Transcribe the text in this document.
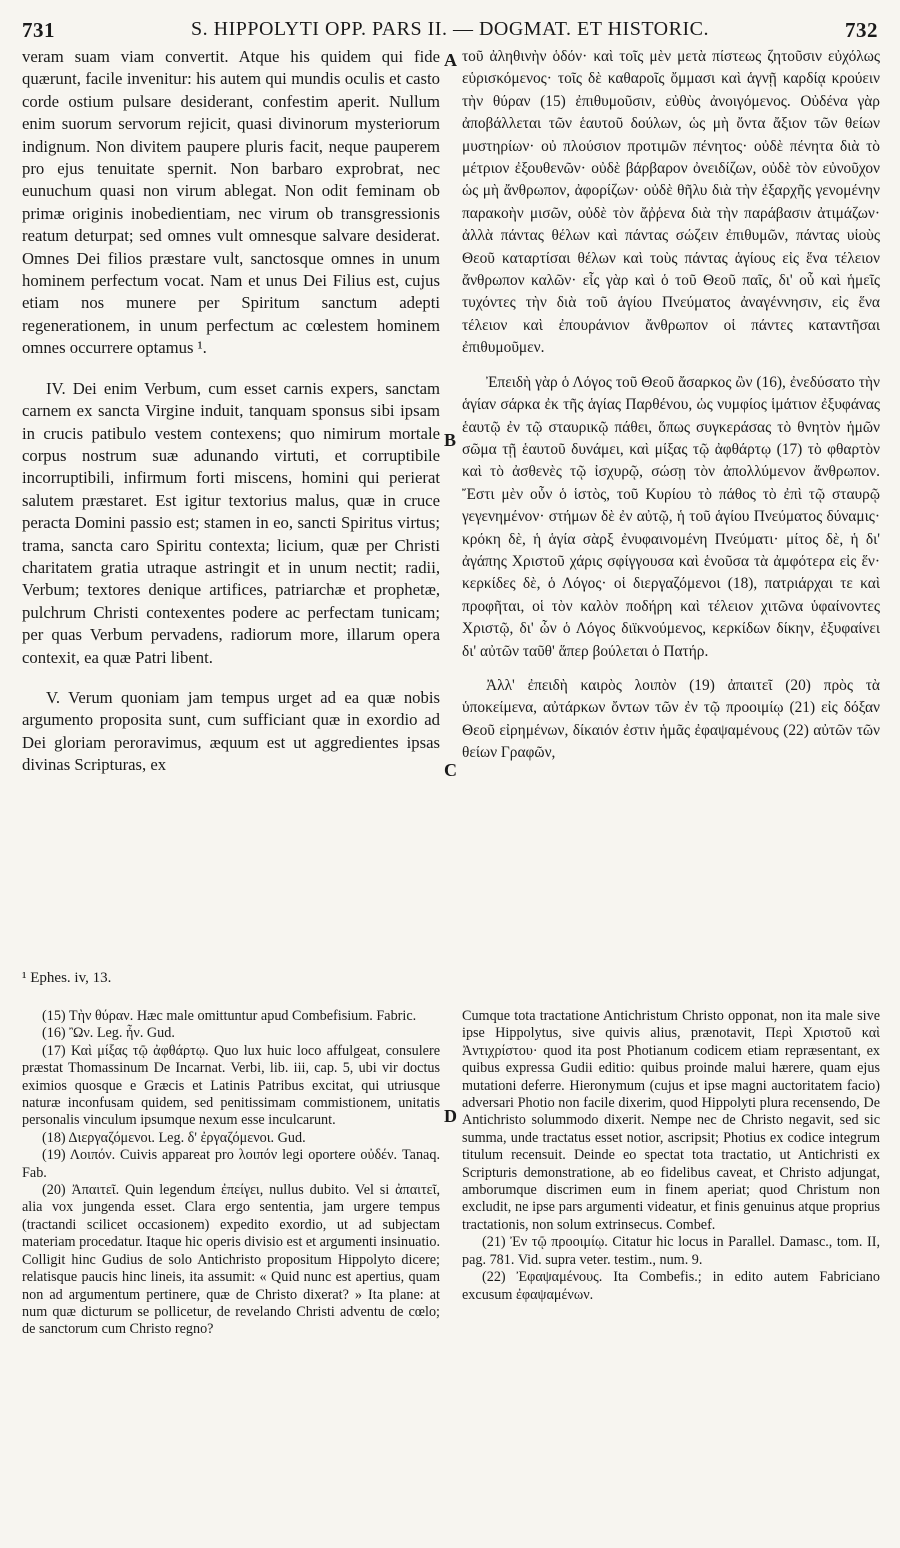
731	S. HIPPOLYTI OPP. PARS II. — DOGMAT. ET HISTORIC.	732

veram suam viam convertit. Atque his quidem qui fide quærunt, facile invenitur: his autem qui mundis oculis et casto corde ostium pulsare desiderant, confestim aperit. Nullum enim suorum servorum rejicit, quasi divinorum mysteriorum indignum. Non divitem paupere pluris facit, neque pauperem pro ejus tenuitate spernit. Non barbaro exprobrat, nec eunuchum quasi non virum ablegat. Non odit feminam ob primæ originis inobedientiam, nec virum ob transgressionis reatum deturpat; sed omnes vult omnesque salvare desiderat. Omnes Dei filios præstare vult, sanctosque omnes in unum hominem perfectum vocat. Nam et unus Dei Filius est, cujus etiam nos munere per Spiritum sanctum adepti regenerationem, in unum perfectum ac cœlestem hominem omnes occurrere optamus ¹.

IV. Dei enim Verbum, cum esset carnis expers, sanctam carnem ex sancta Virgine induit, tanquam sponsus sibi ipsam in crucis patibulo vestem contexens; quo nimirum mortale corpus nostrum suæ adunando virtuti, et corruptibile incorruptibili, infirmum forti miscens, homini qui perierat salutem præstaret. Est igitur textorius malus, quæ in cruce peracta Domini passio est; stamen in eo, sancti Spiritus virtus; trama, sancta caro Spiritu contexta; licium, quæ per Christi charitatem gratia utraque astringit et in unum nectit; radii, Verbum; textores denique artifices, patriarchæ et prophetæ, pulchrum Christi contexentes podere ac perfectam tunicam; per quas Verbum pervadens, radiorum more, illarum opera contexit, ea quæ Patri libent.

V. Verum quoniam jam tempus urget ad ea quæ nobis argumento proposita sunt, cum sufficiant quæ in exordio ad Dei gloriam peroravimus, æquum est ut aggredientes ipsas divinas Scripturas, ex

A
B
C
D

τοῦ ἀληθινὴν ὁδόν· καὶ τοῖς μὲν μετὰ πίστεως ζητοῦσιν εὐχόλως εὑρισκόμενος· τοῖς δὲ καθαροῖς ὄμμασι καὶ ἁγνῇ καρδίᾳ κρούειν τὴν θύραν (15) ἐπιθυμοῦσιν, εὐθὺς ἀνοιγόμενος. Οὐδένα γὰρ ἀποβάλλεται τῶν ἑαυτοῦ δούλων, ὡς μὴ ὄντα ἄξιον τῶν θείων μυστηρίων· οὐ πλούσιον προτιμῶν πένητος· οὐδὲ πένητα διὰ τὸ μέτριον ἐξουθενῶν· οὐδὲ βάρβαρον ὀνειδίζων, οὐδὲ τὸν εὐνοῦχον ὡς μὴ ἄνθρωπον, ἀφορίζων· οὐδὲ θῆλυ διὰ τὴν ἐξαρχῆς γενομένην παρακοὴν μισῶν, οὐδὲ τὸν ἄῤῥενα διὰ τὴν παράβασιν ἀτιμάζων· ἀλλὰ πάντας θέλων καὶ πάντας σώζειν ἐπιθυμῶν, πάντας υἱοὺς Θεοῦ καταρτίσαι θέλων καὶ τοὺς πάντας ἁγίους εἰς ἕνα τέλειον ἄνθρωπον καλῶν· εἷς γὰρ καὶ ὁ τοῦ Θεοῦ παῖς, δι' οὗ καὶ ἡμεῖς τυχόντες τὴν διὰ τοῦ ἁγίου Πνεύματος ἀναγέννησιν, εἰς ἕνα τέλειον καὶ ἐπουράνιον ἄνθρωπον οἱ πάντες καταντῆσαι ἐπιθυμοῦμεν.

Ἐπειδὴ γὰρ ὁ Λόγος τοῦ Θεοῦ ἄσαρκος ὢν (16), ἐνεδύσατο τὴν ἁγίαν σάρκα ἐκ τῆς ἁγίας Παρθένου, ὡς νυμφίος ἱμάτιον ἐξυφάνας ἑαυτῷ ἐν τῷ σταυρικῷ πάθει, ὅπως συγκεράσας τὸ θνητὸν ἡμῶν σῶμα τῇ ἑαυτοῦ δυνάμει, καὶ μίξας τῷ ἀφθάρτῳ (17) τὸ φθαρτὸν καὶ τὸ ἀσθενὲς τῷ ἰσχυρῷ, σώσῃ τὸν ἀπολλύμενον ἄνθρωπον. Ἔστι μὲν οὖν ὁ ἱστὸς, τοῦ Κυρίου τὸ πάθος τὸ ἐπὶ τῷ σταυρῷ γεγενημένον· στήμων δὲ ἐν αὐτῷ, ἡ τοῦ ἁγίου Πνεύματος δύναμις· κρόκη δὲ, ἡ ἁγία σὰρξ ἐνυφαινομένη Πνεύματι· μίτος δὲ, ἡ δι' ἀγάπης Χριστοῦ χάρις σφίγγουσα καὶ ἑνοῦσα τὰ ἀμφότερα εἰς ἕν· κερκίδες δὲ, ὁ Λόγος· οἱ διεργαζόμενοι (18), πατριάρχαι τε καὶ προφῆται, οἱ τὸν καλὸν ποδήρη καὶ τέλειον χιτῶνα ὑφαίνοντες Χριστῷ, δι' ὧν ὁ Λόγος διϊκνούμενος, κερκίδων δίκην, ἐξυφαίνει δι' αὐτῶν ταῦθ' ἅπερ βούλεται ὁ Πατήρ.

Ἀλλ' ἐπειδὴ καιρὸς λοιπὸν (19) ἀπαιτεῖ (20) πρὸς τὰ ὑποκείμενα, αὐτάρκων ὄντων τῶν ἐν τῷ προοιμίῳ (21) εἰς δόξαν Θεοῦ εἰρημένων, δίκαιόν ἐστιν ἡμᾶς ἐφαψαμένους (22) αὐτῶν τῶν θείων Γραφῶν,

¹ Ephes. iv, 13.

(15) Τὴν θύραν. Hæc male omittuntur apud Combefisium. Fabric.

(16) Ὢν. Leg. ἦν. Gud.

(17) Καὶ μίξας τῷ ἀφθάρτῳ. Quo lux huic loco affulgeat, consulere præstat Thomassinum De Incarnat. Verbi, lib. iii, cap. 5, ubi vir doctus eximios quosque e Græcis et Latinis Patribus excitat, qui utriusque naturæ inconfusam quidem, sed penitissimam commistionem, unitatis personalis vinculum ipsumque nexum esse inculcarunt.

(18) Διεργαζόμενοι. Leg. δ' ἐργαζόμενοι. Gud.

(19) Λοιπόν. Cuivis appareat pro λοιπόν legi oportere οὐδέν. Tanaq. Fab.

(20) Ἀπαιτεῖ. Quin legendum ἐπείγει, nullus dubito. Vel si ἀπαιτεῖ, alia vox jungenda esset. Clara ergo sententia, jam urgere tempus (tractandi scilicet occasionem) expedito exordio, ut ad subjectam materiam procedatur. Itaque hic operis divisio est et argumenti insinuatio. Colligit hinc Gudius de solo Antichristo propositum Hippolyto dicere; relatisque paucis hinc lineis, ita assumit: « Quid nunc est apertius, quam non ad argumentum pertinere, quæ de Christo dixerat? » Ita plane: at num quæ dicturum se pollicetur, de revelando Christi adventu de cœlo; de sanctorum cum Christo regno?

Cumque tota tractatione Antichristum Christo opponat, non ita male sive ipse Hippolytus, sive quivis alius, prænotavit, Περὶ Χριστοῦ καὶ Ἀντιχρίστου· quod ita post Photianum codicem etiam repræsentant, ex quibus expressa Gudii editio: quibus proinde malui hærere, quam ejus mutationi deferre. Hieronymum (cujus et ipse magni auctoritatem facio) adversari Photio non facile dixerim, quod Hippolyti plura recensendo, De Antichristo solummodo dixerit. Nempe nec de Christo negavit, sed sic summa, unde tractatus esset notior, ascripsit; Photius ex codice integrum titulum recensuit. Deinde eo spectat tota tractatio, ut Antichristi ex Scripturis demonstratione, ab eo fidelibus caveat, et Christo adjungat, amborumque discrimen eum in finem aperiat; quod Christum non excludit, ne ipse pars argumenti videatur, et finis genuinus atque proprius tractationis, non solum extrinsecus. Combef.

(21) Ἐν τῷ προοιμίῳ. Citatur hic locus in Parallel. Damasc., tom. II, pag. 781. Vid. supra veter. testim., num. 9.

(22) Ἐφαψαμένους. Ita Combefis.; in edito autem Fabriciano excusum ἐφαψαμένων.
